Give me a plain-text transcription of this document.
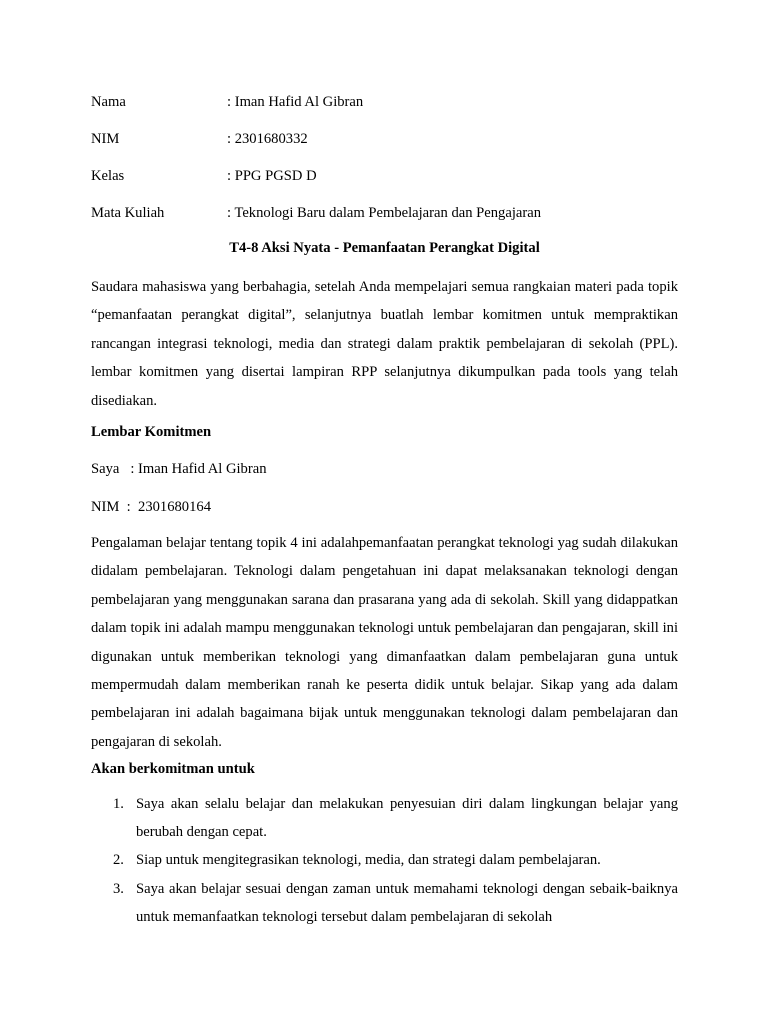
Nama	: Iman Hafid Al Gibran
NIM	: 2301680332
Kelas	: PPG PGSD D
Mata Kuliah	: Teknologi Baru dalam Pembelajaran dan Pengajaran
T4-8 Aksi Nyata - Pemanfaatan Perangkat Digital

Saudara mahasiswa yang berbahagia, setelah Anda mempelajari semua rangkaian materi pada topik “pemanfaatan perangkat digital”, selanjutnya buatlah lembar komitmen untuk mempraktikan rancangan integrasi teknologi, media dan strategi dalam praktik pembelajaran di sekolah (PPL). lembar komitmen yang disertai lampiran RPP selanjutnya dikumpulkan pada tools yang telah disediakan.

Lembar Komitmen
Saya   : Iman Hafid Al Gibran
NIM  :  2301680164

Pengalaman belajar tentang topik 4 ini adalahpemanfaatan perangkat teknologi yag sudah dilakukan didalam pembelajaran. Teknologi dalam pengetahuan ini dapat melaksanakan teknologi dengan pembelajaran yang menggunakan sarana dan prasarana yang ada di sekolah. Skill yang didappatkan dalam topik ini adalah mampu menggunakan teknologi untuk pembelajaran dan pengajaran, skill ini digunakan untuk memberikan teknologi yang dimanfaatkan dalam pembelajaran guna untuk mempermudah dalam memberikan ranah ke peserta didik untuk belajar. Sikap yang ada dalam pembelajaran ini adalah bagaimana bijak untuk menggunakan teknologi dalam pembelajaran dan pengajaran di sekolah.

Akan berkomitman untuk
1. Saya akan selalu belajar dan melakukan penyesuian diri dalam lingkungan belajar yang berubah dengan cepat.
2. Siap untuk mengitegrasikan teknologi, media, dan strategi dalam pembelajaran.
3. Saya akan belajar sesuai dengan zaman untuk memahami teknologi dengan sebaik-baiknya untuk memanfaatkan teknologi tersebut dalam pembelajaran di sekolah
